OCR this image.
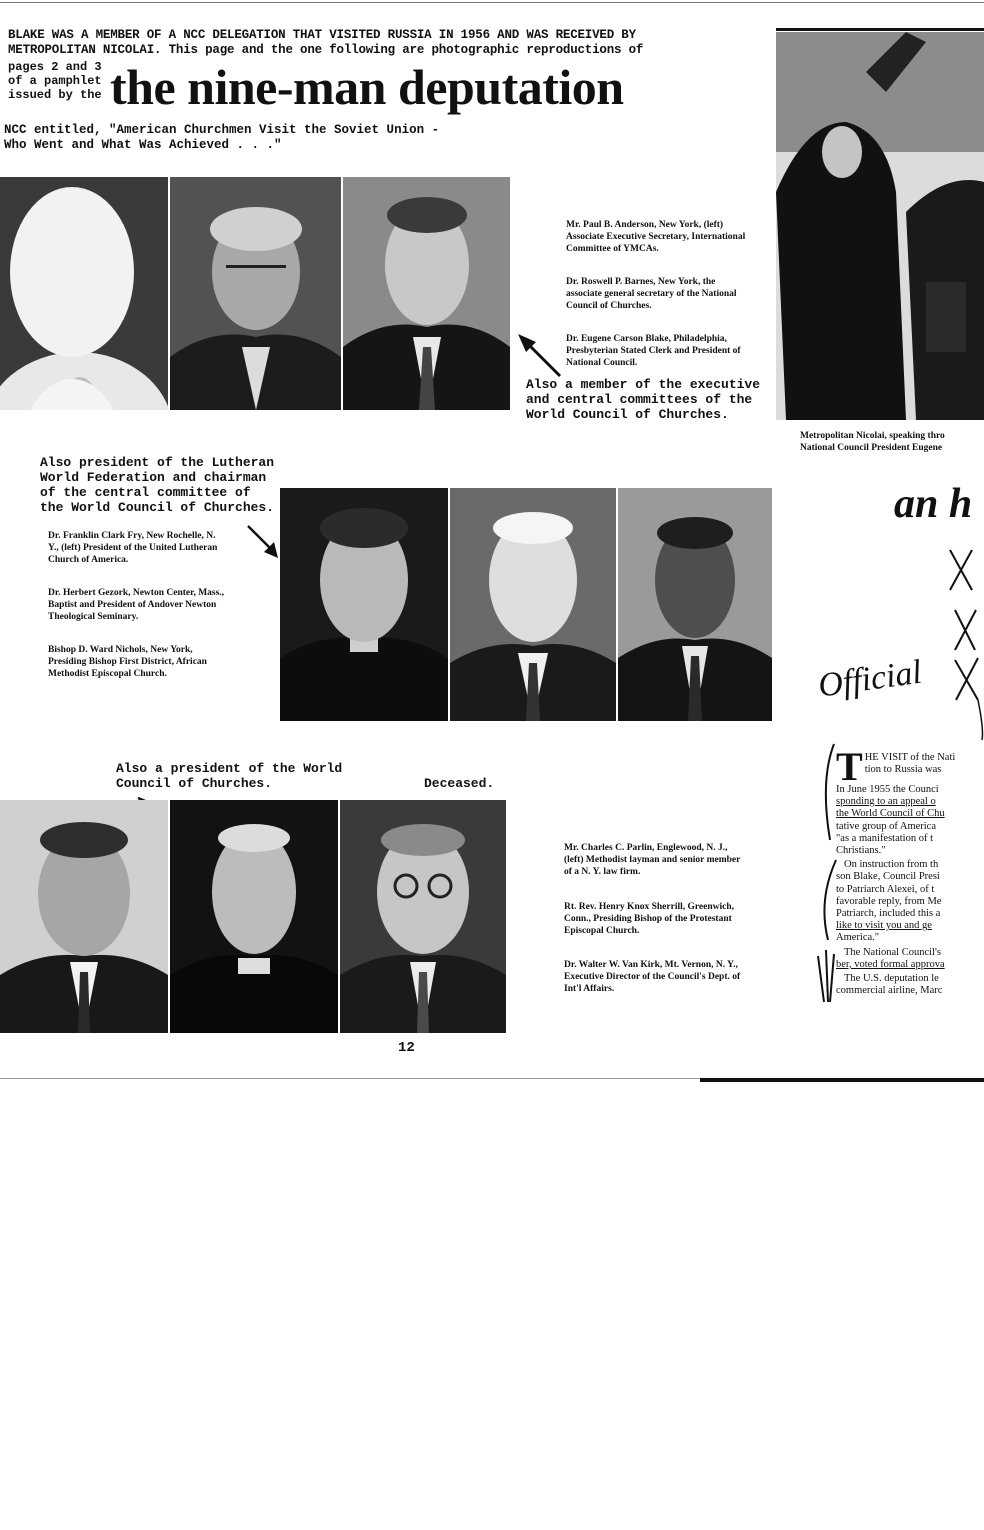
BLAKE WAS A MEMBER OF A NCC DELEGATION THAT VISITED RUSSIA IN 1956 AND WAS RECEIVED BY
METROPOLITAN NICOLAI. This page and the one following are photographic reproductions of
pages 2 and 3 of a pamphlet issued by the the nine-man deputation
NCC entitled, "American Churchmen Visit the Soviet Union -
Who Went and What Was Achieved . . ."
Mr. Paul B. Anderson, New York, (left) Associate Executive Secretary, International Committee of YMCAs.
Dr. Roswell P. Barnes, New York, the associate general secretary of the National Council of Churches.
Dr. Eugene Carson Blake, Philadelphia, Presbyterian Stated Clerk and President of National Council.
Also a member of the executive and central committees of the World Council of Churches.
Also president of the Lutheran World Federation and chairman of the central committee of the World Council of Churches.
Dr. Franklin Clark Fry, New Rochelle, N. Y., (left) President of the United Lutheran Church of America.
Dr. Herbert Gezork, Newton Center, Mass., Baptist and President of Andover Newton Theological Seminary.
Bishop D. Ward Nichols, New York, Presiding Bishop First District, African Methodist Episcopal Church.
Also a president of the World Council of Churches.	Deceased.
Mr. Charles C. Parlin, Englewood, N. J., (left) Methodist layman and senior member of a N. Y. law firm.
Rt. Rev. Henry Knox Sherrill, Greenwich, Conn., Presiding Bishop of the Protestant Episcopal Church.
Dr. Walter W. Van Kirk, Mt. Vernon, N. Y., Executive Director of the Council's Dept. of Int'l Affairs.
12
Metropolitan Nicolai, speaking thro
National Council President Eugene
an h
Official

T HE VISIT of the Nati
tion to Russia was
In June 1955 the Counci
sponding to an appeal o
the World Council of Chu
tative group of America
"as a manifestation of t
Christians."

On instruction from th
son Blake, Council Presi
to Patriarch Alexei, of t
favorable reply, from Me
Patriarch, included this a
like to visit you and ge
America."

The National Council's
ber, voted formal approva

The U.S. deputation le
commercial airline, Marc
